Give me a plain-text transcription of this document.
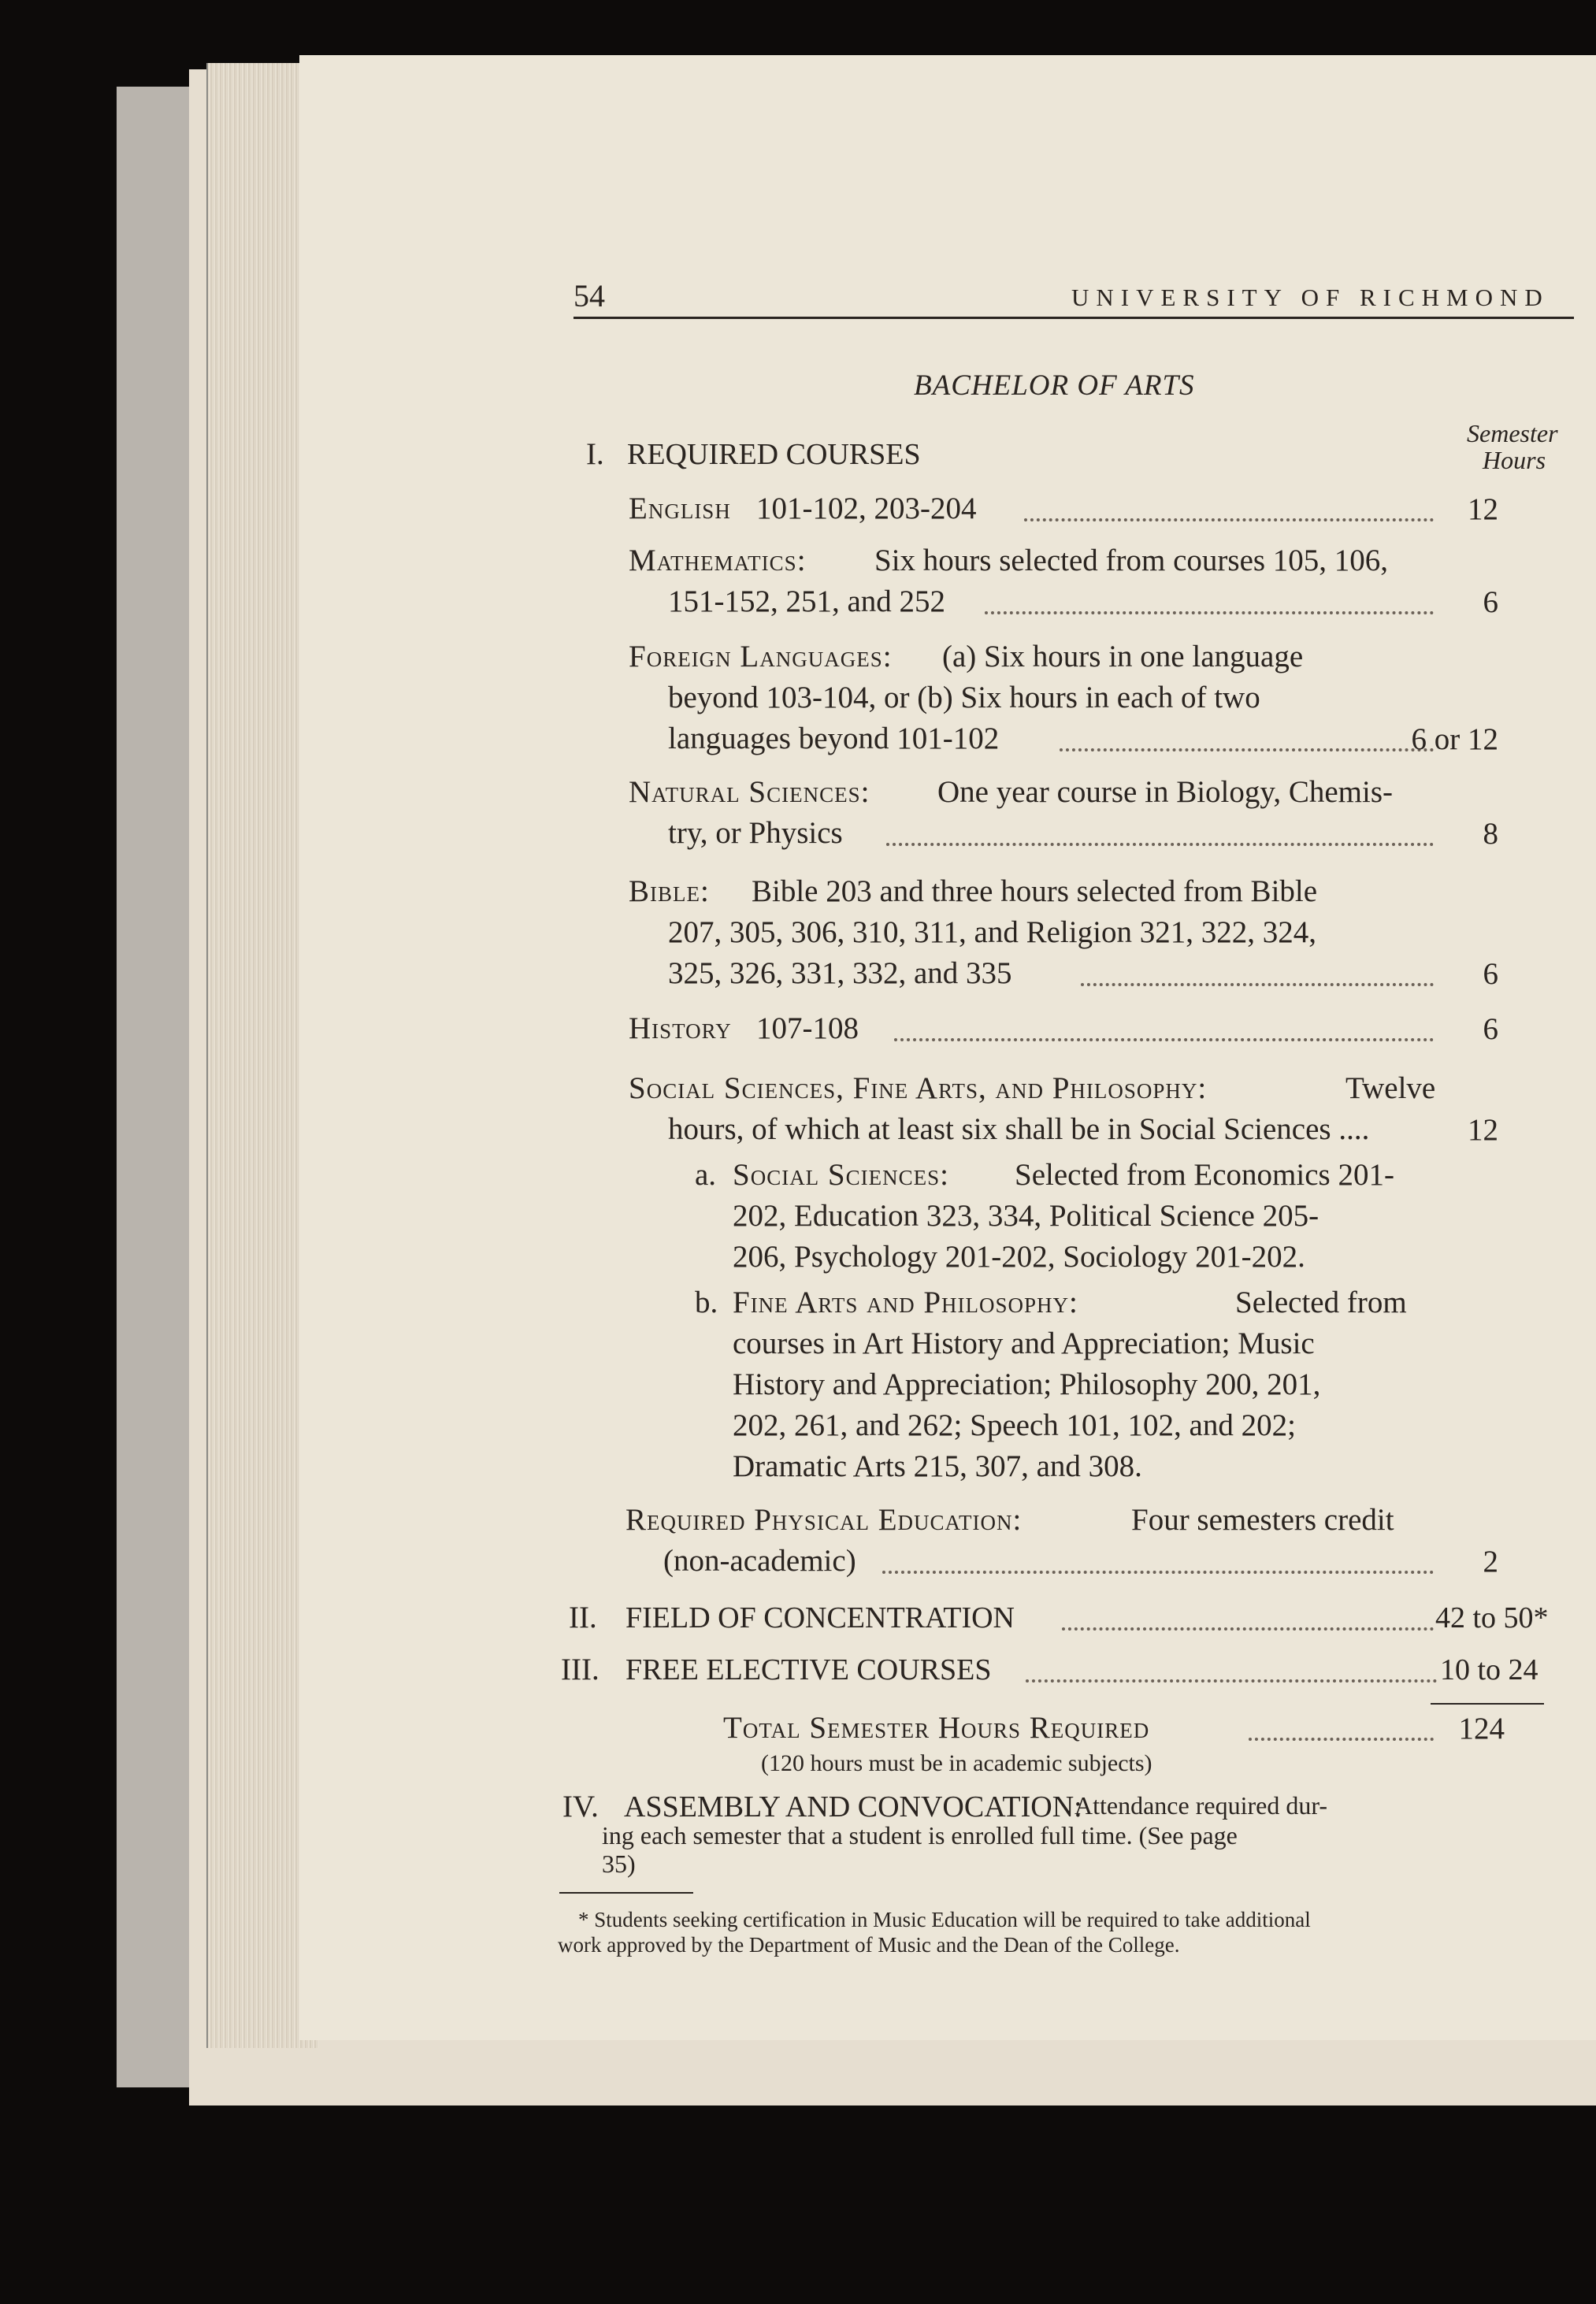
54	UNIVERSITY OF RICHMOND
BACHELOR OF ARTS
Semester
Hours
I. REQUIRED COURSES
English 101-102, 203-204	12
Mathematics: Six hours selected from courses 105, 106,
151-152, 251, and 252	6
Foreign Languages: (a) Six hours in one language
beyond 103-104, or (b) Six hours in each of two
languages beyond 101-102	6 or 12
Natural Sciences: One year course in Biology, Chemis-
try, or Physics	8
Bible: Bible 203 and three hours selected from Bible
207, 305, 306, 310, 311, and Religion 321, 322, 324,
325, 326, 331, 332, and 335	6
History 107-108	6
Social Sciences, Fine Arts, and Philosophy:	Twelve
hours, of which at least six shall be in Social Sciences ....	12
a. Social Sciences: Selected from Economics 201-
202, Education 323, 334, Political Science 205-
206, Psychology 201-202, Sociology 201-202.
b. Fine Arts and Philosophy:	Selected from
courses in Art History and Appreciation; Music
History and Appreciation; Philosophy 200, 201,
202, 261, and 262; Speech 101, 102, and 202;
Dramatic Arts 215, 307, and 308.
Required Physical Education:	Four semesters credit
(non-academic)	2
II. FIELD OF CONCENTRATION	42 to 50*
III. FREE ELECTIVE COURSES	10 to 24
Total Semester Hours Required	124
(120 hours must be in academic subjects)
IV. ASSEMBLY AND CONVOCATION:
Attendance required dur-
ing each semester that a student is enrolled full time. (See page
35)
* Students seeking certification in Music Education will be required to take additional
work approved by the Department of Music and the Dean of the College.
